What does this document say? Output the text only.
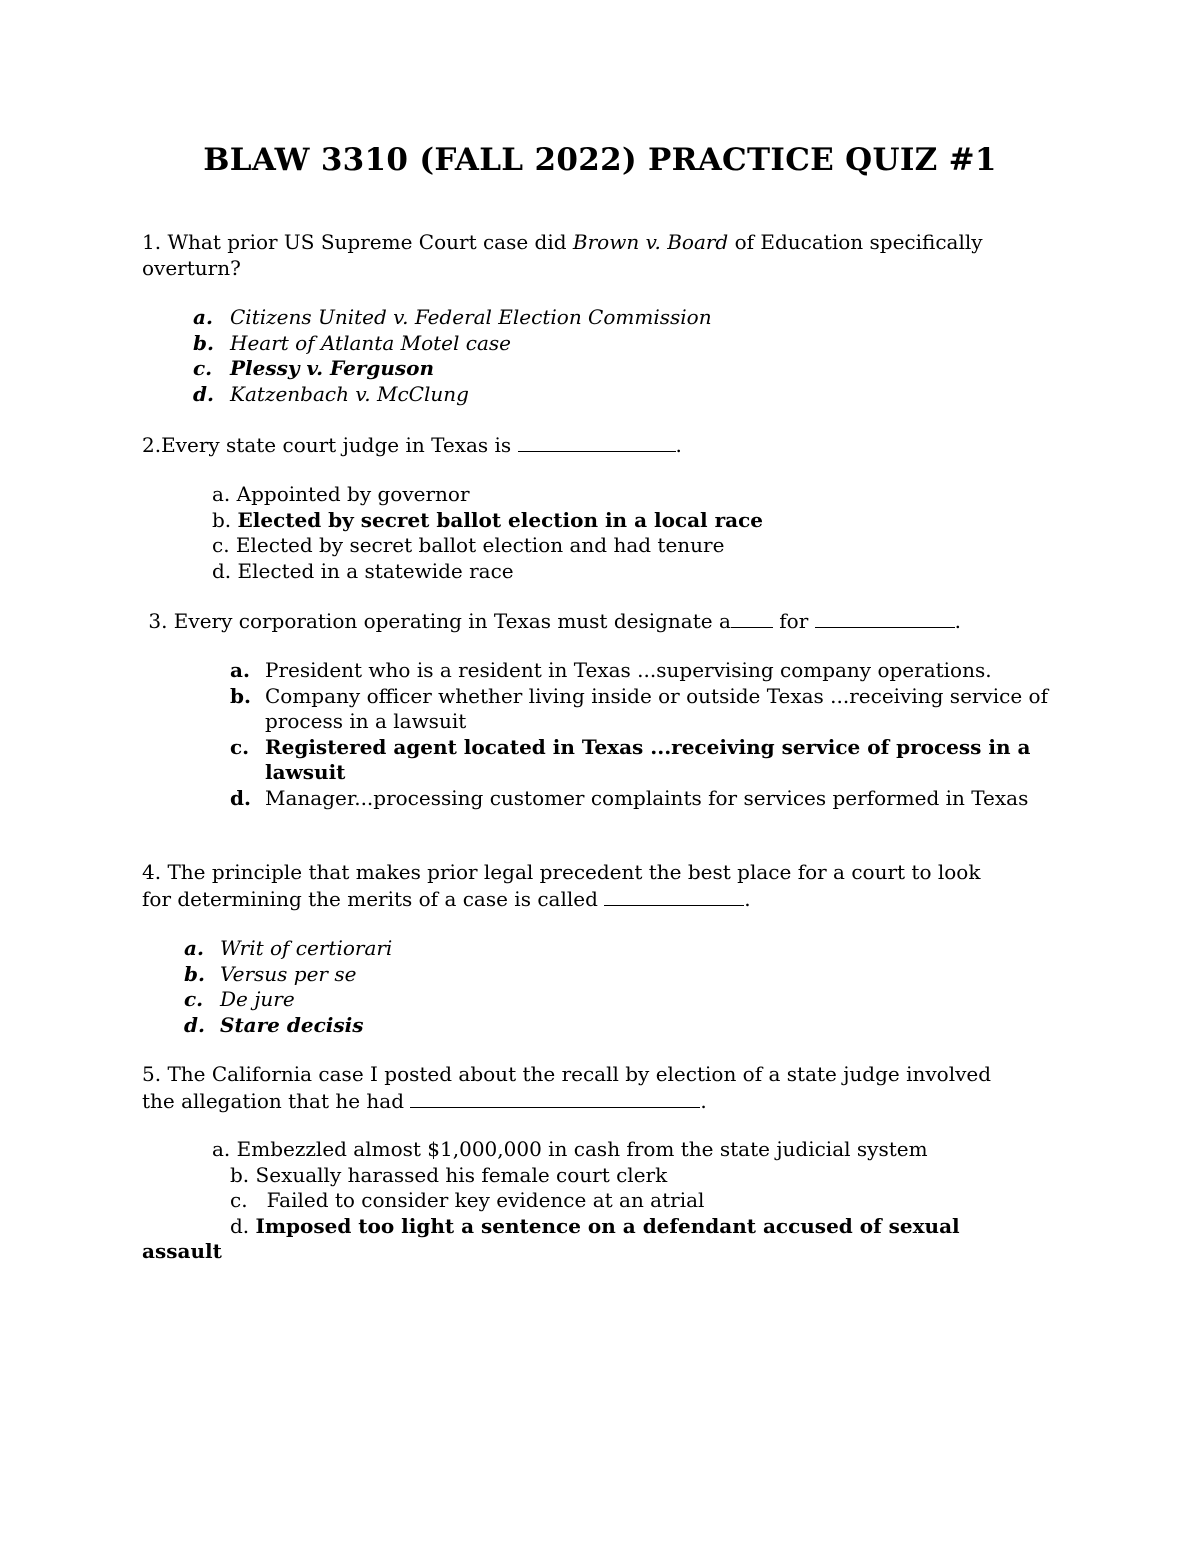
BLAW 3310 (FALL 2022) PRACTICE QUIZ #1
1. What prior US Supreme Court case did Brown v. Board of Education specifically
overturn?
a. Citizens United v. Federal Election Commission
b. Heart of Atlanta Motel case
c. Plessy v. Ferguson
d. Katzenbach v. McClung
2.Every state court judge in Texas is	.
a. Appointed by governor
b. Elected by secret ballot election in a local race
c. Elected by secret ballot election and had tenure
d. Elected in a statewide race
3. Every corporation operating in Texas must designate a for	.
a. President who is a resident in Texas ...supervising company operations.
b. Company officer whether living inside or outside Texas ...receiving service of process in a lawsuit
c. Registered agent located in Texas ...receiving service of process in a lawsuit
d. Manager...processing customer complaints for services performed in Texas
4. The principle that makes prior legal precedent the best place for a court to look
for determining the merits of a case is called	.
a. Writ of certiorari
b. Versus per se
c. De jure
d. Stare decisis
5. The California case I posted about the recall by election of a state judge involved
the allegation that he had	.
a. Embezzled almost $1,000,000 in cash from the state judicial system
b. Sexually harassed his female court clerk
c. Failed to consider key evidence at an atrial
d. Imposed too light a sentence on a defendant accused of sexual
assault
